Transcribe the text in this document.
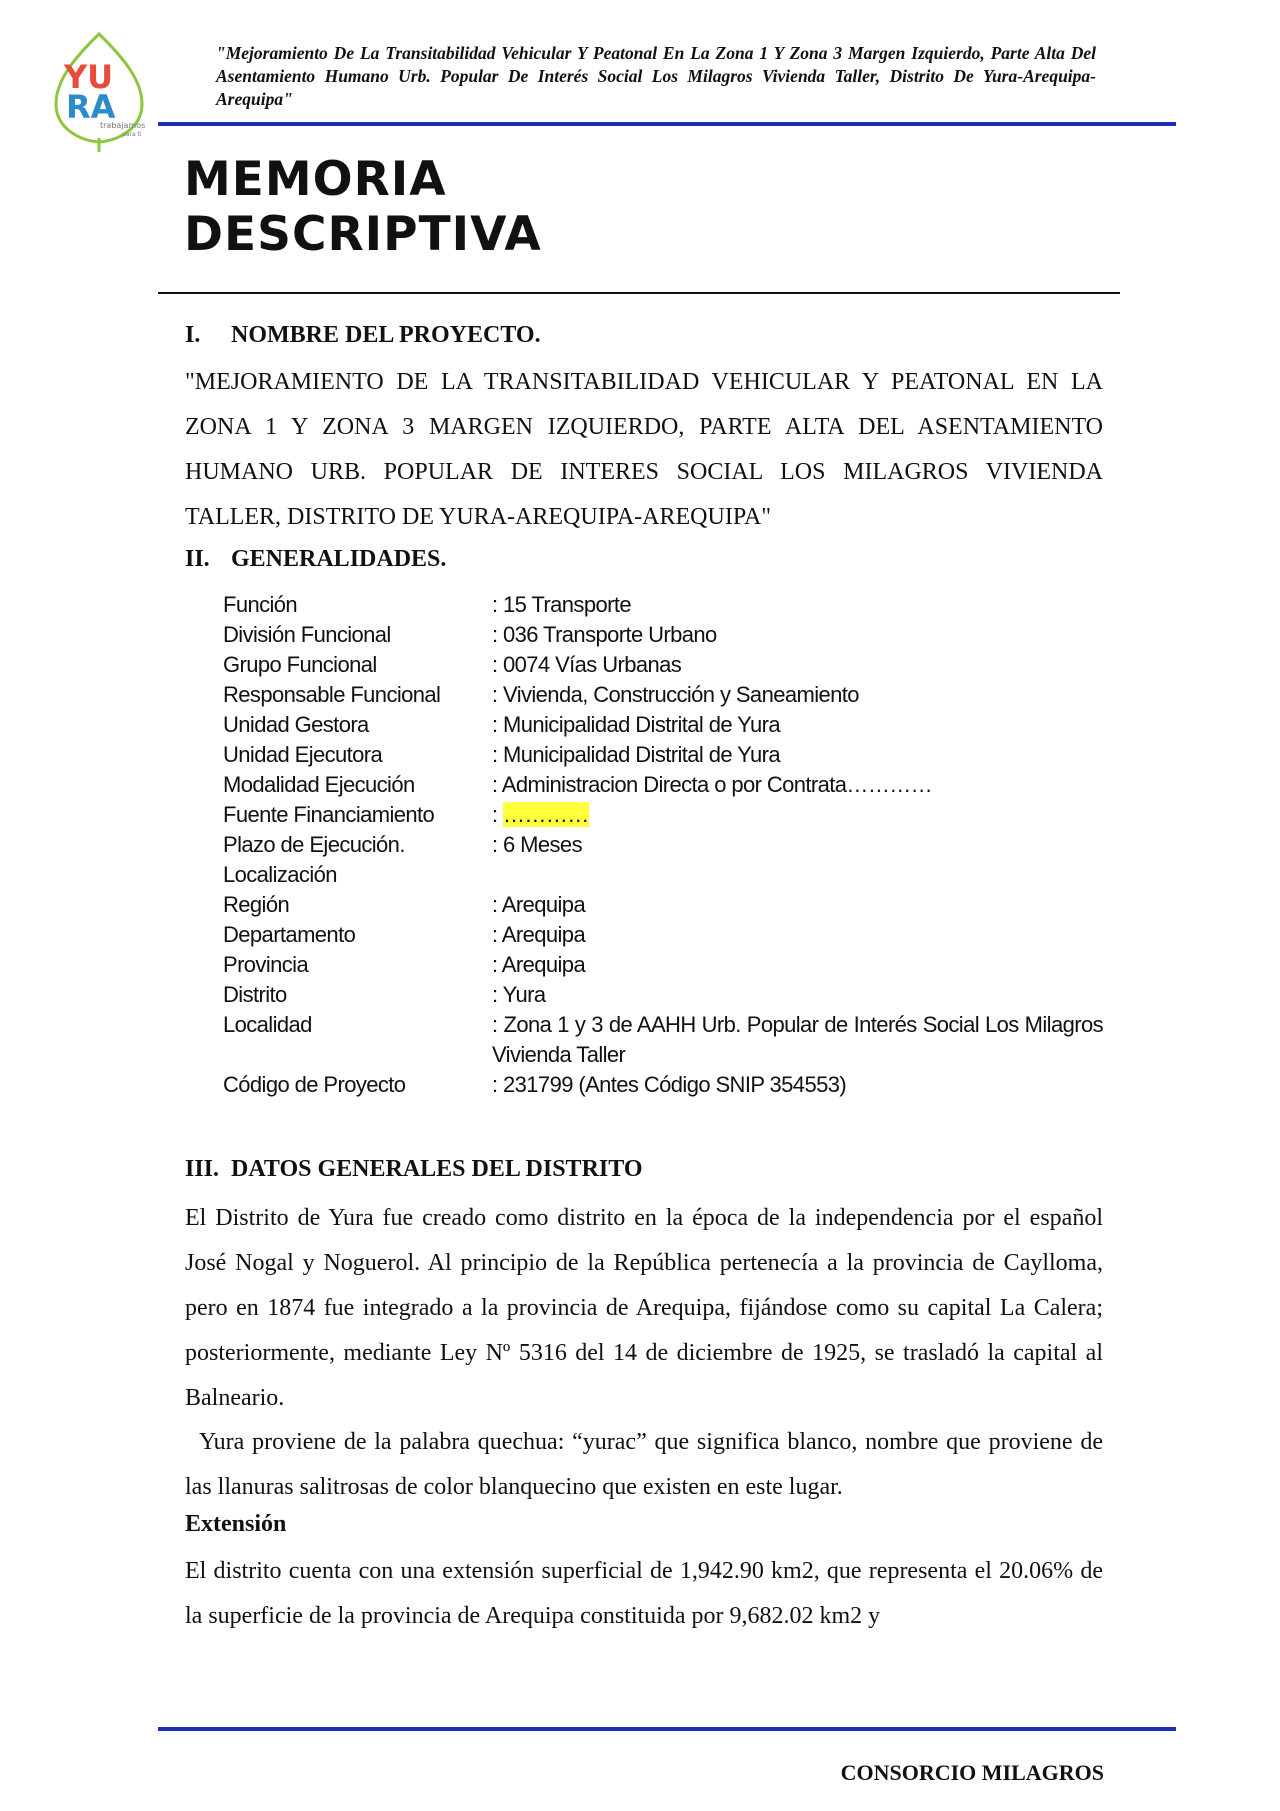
YU
RA
trabajamos
para ti
"Mejoramiento De La Transitabilidad Vehicular Y Peatonal En La Zona 1 Y Zona 3 Margen Izquierdo, Parte Alta Del Asentamiento Humano Urb. Popular De Interés Social Los Milagros Vivienda Taller, Distrito De Yura-Arequipa-Arequipa"
MEMORIA
DESCRIPTIVA
I. NOMBRE DEL PROYECTO.
"MEJORAMIENTO DE LA TRANSITABILIDAD VEHICULAR Y PEATONAL EN LA ZONA 1 Y ZONA 3 MARGEN IZQUIERDO, PARTE ALTA DEL ASENTAMIENTO HUMANO URB. POPULAR DE INTERES SOCIAL LOS MILAGROS VIVIENDA TALLER, DISTRITO DE YURA-AREQUIPA-AREQUIPA"
II. GENERALIDADES.
Función	: 15 Transporte
División Funcional	: 036 Transporte Urbano
Grupo Funcional	: 0074 Vías Urbanas
Responsable Funcional	: Vivienda, Construcción y Saneamiento
Unidad Gestora	: Municipalidad Distrital de Yura
Unidad Ejecutora	: Municipalidad Distrital de Yura
Modalidad Ejecución	: Administracion Directa o por Contrata…………
Fuente Financiamiento	: …………
Plazo de Ejecución.	: 6 Meses
Localización
Región	: Arequipa
Departamento	: Arequipa
Provincia	: Arequipa
Distrito	: Yura
Localidad	: Zona 1 y 3 de AAHH Urb. Popular de Interés Social Los Milagros Vivienda Taller
Código de Proyecto	: 231799 (Antes Código SNIP 354553)
III. DATOS GENERALES DEL DISTRITO
El Distrito de Yura fue creado como distrito en la época de la independencia por el español José Nogal y Noguerol. Al principio de la República pertenecía a la provincia de Caylloma, pero en 1874 fue integrado a la provincia de Arequipa, fijándose como su capital La Calera; posteriormente, mediante Ley Nº 5316 del 14 de diciembre de 1925, se trasladó la capital al Balneario.
Yura proviene de la palabra quechua: “yurac” que significa blanco, nombre que proviene de las llanuras salitrosas de color blanquecino que existen en este lugar.
Extensión
El distrito cuenta con una extensión superficial de 1,942.90 km2, que representa el 20.06% de la superficie de la provincia de Arequipa constituida por 9,682.02 km2 y
CONSORCIO MILAGROS
